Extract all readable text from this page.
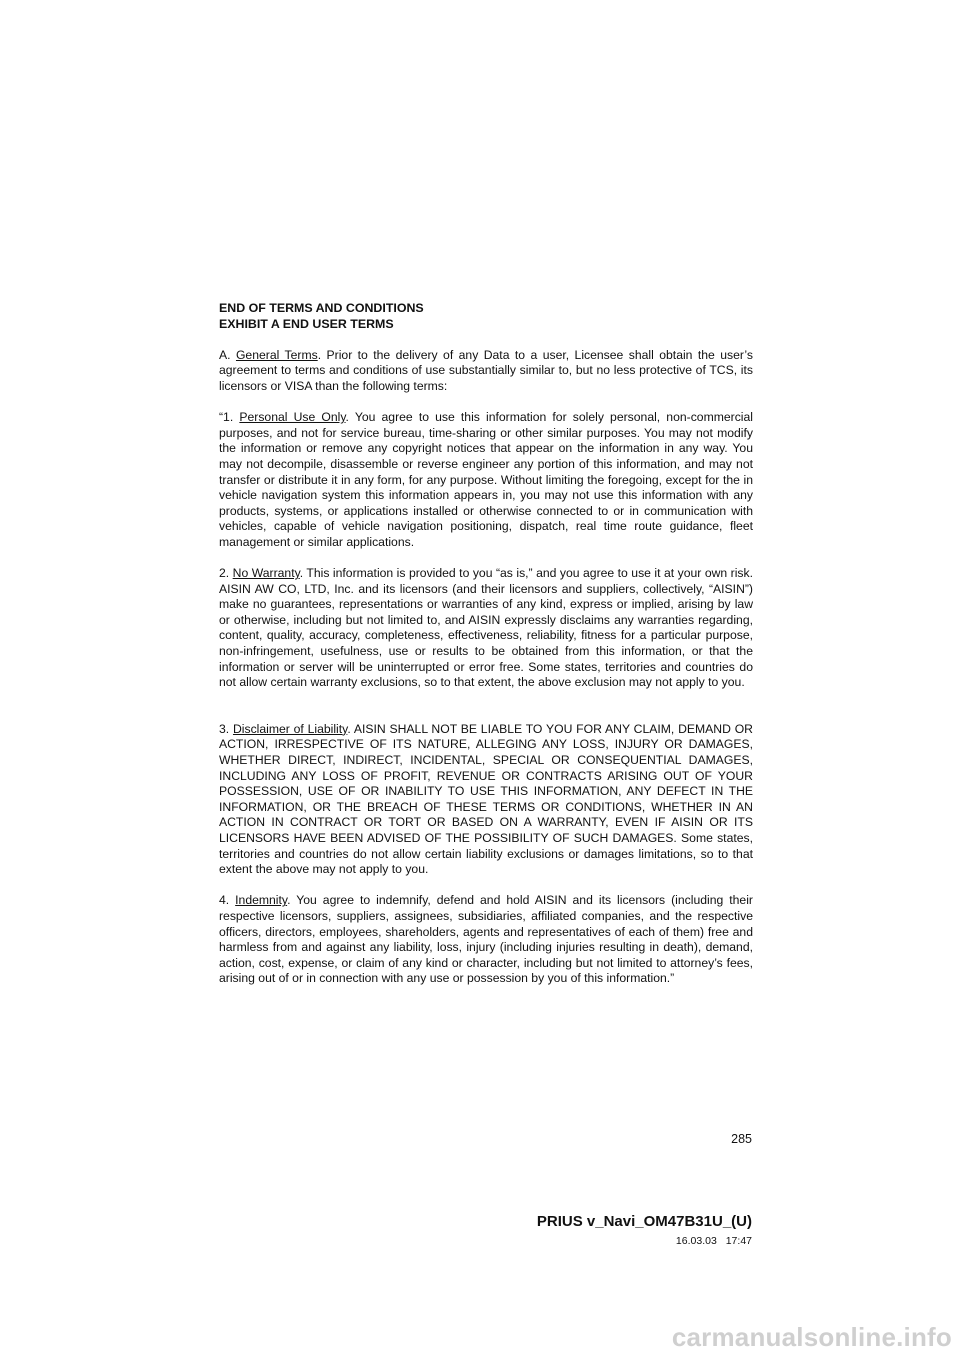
END OF TERMS AND CONDITIONS
EXHIBIT A END USER TERMS

A. General Terms. Prior to the delivery of any Data to a user, Licensee shall obtain the user’s agreement to terms and conditions of use substantially similar to, but no less protective of TCS, its licensors or VISA than the following terms:

“1. Personal Use Only. You agree to use this information for solely personal, non-commercial purposes, and not for service bureau, time-sharing or other similar purposes. You may not modify the information or remove any copyright notices that appear on the information in any way. You may not decompile, disassemble or reverse engineer any portion of this information, and may not transfer or distribute it in any form, for any purpose. Without limiting the foregoing, except for the in vehicle navigation system this information appears in, you may not use this information with any products, systems, or applications installed or otherwise connected to or in communication with vehicles, capable of vehicle navigation positioning, dispatch, real time route guidance, fleet management or similar applications.

2. No Warranty. This information is provided to you “as is,” and you agree to use it at your own risk. AISIN AW CO, LTD, Inc. and its licensors (and their licensors and suppliers, collectively, “AISIN”) make no guarantees, representations or warranties of any kind, express or implied, arising by law or otherwise, including but not limited to, and AISIN expressly disclaims any warranties regarding, content, quality, accuracy, completeness, effectiveness, reliability, fitness for a particular purpose, non-infringement, usefulness, use or results to be obtained from this information, or that the information or server will be uninterrupted or error free. Some states, territories and countries do not allow certain warranty exclusions, so to that extent, the above exclusion may not apply to you.

3. Disclaimer of Liability. AISIN SHALL NOT BE LIABLE TO YOU FOR ANY CLAIM, DEMAND OR ACTION, IRRESPECTIVE OF ITS NATURE, ALLEGING ANY LOSS, INJURY OR DAMAGES, WHETHER DIRECT, INDIRECT, INCIDENTAL, SPECIAL OR CONSEQUENTIAL DAMAGES, INCLUDING ANY LOSS OF PROFIT, REVENUE OR CONTRACTS ARISING OUT OF YOUR POSSESSION, USE OF OR INABILITY TO USE THIS INFORMATION, ANY DEFECT IN THE INFORMATION, OR THE BREACH OF THESE TERMS OR CONDITIONS, WHETHER IN AN ACTION IN CONTRACT OR TORT OR BASED ON A WARRANTY, EVEN IF AISIN OR ITS LICENSORS HAVE BEEN ADVISED OF THE POSSIBILITY OF SUCH DAMAGES. Some states, territories and countries do not allow certain liability exclusions or damages limitations, so to that extent the above may not apply to you.

4. Indemnity. You agree to indemnify, defend and hold AISIN and its licensors (including their respective licensors, suppliers, assignees, subsidiaries, affiliated companies, and the respective officers, directors, employees, shareholders, agents and representatives of each of them) free and harmless from and against any liability, loss, injury (including injuries resulting in death), demand, action, cost, expense, or claim of any kind or character, including but not limited to attorney’s fees, arising out of or in connection with any use or possession by you of this information.”

285
PRIUS v_Navi_OM47B31U_(U)
16.03.03 17:47
carmanualsonline.info
